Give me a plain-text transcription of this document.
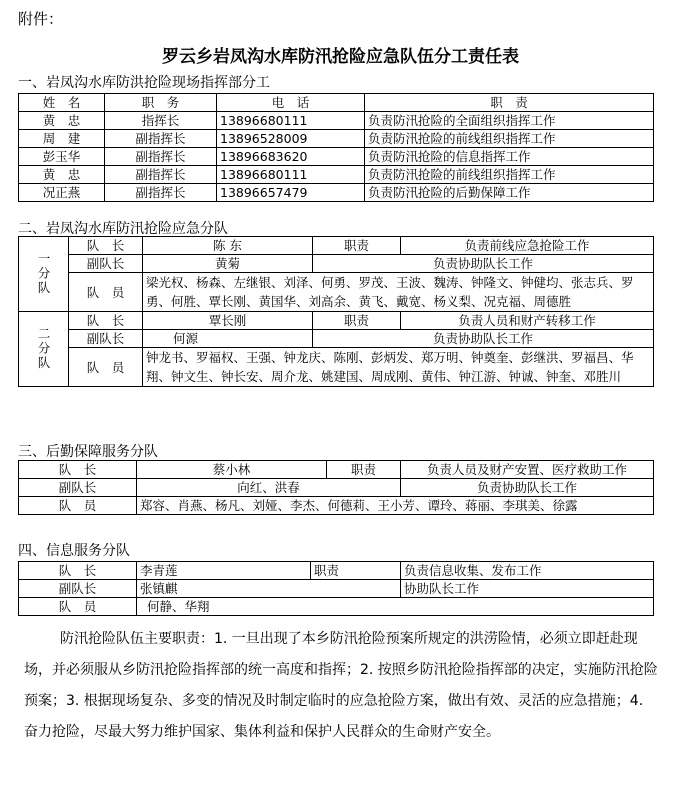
附件：
罗云乡岩凤沟水库防汛抢险应急队伍分工责任表
一、岩凤沟水库防洪抢险现场指挥部分工
姓　名	职　务	电　话	职　责
黄　忠	指挥长	13896680111	负责防汛抢险的全面组织指挥工作
周　建	副指挥长	13896528009	负责防汛抢险的前线组织指挥工作
彭玉华	副指挥长	13896683620	负责防汛抢险的信息指挥工作
黄　忠	副指挥长	13896680111	负责防汛抢险的前线组织指挥工作
况正燕	副指挥长	13896657479	负责防汛抢险的后勤保障工作
二、岩凤沟水库防汛抢险应急分队
一分队	队　长	陈 东	职责	负责前线应急抢险工作
	副队长	黄菊	负责协助队长工作	
	队　员	梁光权、杨森、左继银、刘泽、何勇、罗茂、王波、魏涛、钟隆文、钟健均、张志兵、罗勇、何胜、覃长刚、黄国华、刘高余、黄飞、戴宽、杨义梨、况克福、周德胜		
二分队	队　长	覃长刚	职责	负责人员和财产转移工作
	副队长	何源	负责协助队长工作	
	队　员	钟龙书、罗福权、王强、钟龙庆、陈刚、彭炳发、郑万明、钟奠奎、彭继洪、罗福昌、华翔、钟文生、钟长安、周介龙、姚建国、周成刚、黄伟、钟江游、钟诚、钟奎、邓胜川		
三、后勤保障服务分队
队　长	蔡小林	职责	负责人员及财产安置、医疗救助工作
副队长	向红、洪春		负责协助队长工作
队　员	郑容、肖燕、杨凡、刘娅、李杰、何德莉、王小芳、谭玲、蒋丽、李琪美、徐露		
四、信息服务分队
队　长	李青莲	职责	负责信息收集、发布工作
副队长	张镇麒		协助队长工作
队　员	何静、华翔		
防汛抢险队伍主要职责：1. 一旦出现了本乡防汛抢险预案所规定的洪涝险情，必须立即赶赴现场，并必须服从乡防汛抢险指挥部的统一高度和指挥；2. 按照乡防汛抢险指挥部的决定，实施防汛抢险预案；3. 根据现场复杂、多变的情况及时制定临时的应急抢险方案，做出有效、灵活的应急措施；4. 奋力抢险，尽最大努力维护国家、集体利益和保护人民群众的生命财产安全。
